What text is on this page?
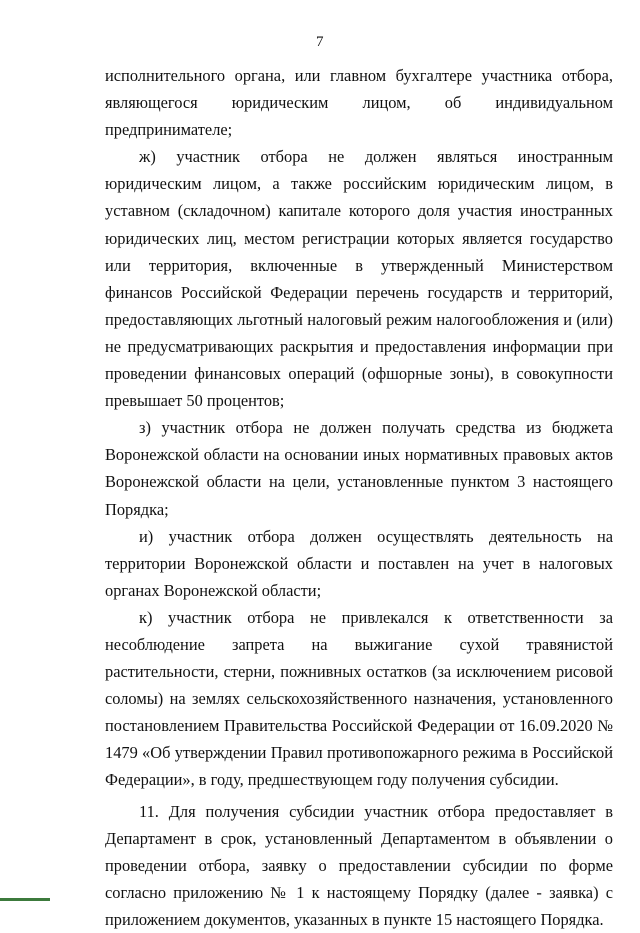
7

исполнительного органа, или главном бухгалтере участника отбора, являющегося юридическим лицом, об индивидуальном предпринимателе;

ж) участник отбора не должен являться иностранным юридическим лицом, а также российским юридическим лицом, в уставном (складочном) капитале которого доля участия иностранных юридических лиц, местом регистрации которых является государство или территория, включенные в утвержденный Министерством финансов Российской Федерации перечень государств и территорий, предоставляющих льготный налоговый режим налогообложения и (или) не предусматривающих раскрытия и предоставления информации при проведении финансовых операций (офшорные зоны), в совокупности превышает 50 процентов;

з) участник отбора не должен получать средства из бюджета Воронежской области на основании иных нормативных правовых актов Воронежской области на цели, установленные пунктом 3 настоящего Порядка;

и) участник отбора должен осуществлять деятельность на территории Воронежской области и поставлен на учет в налоговых органах Воронежской области;

к) участник отбора не привлекался к ответственности за несоблюдение запрета на выжигание сухой травянистой растительности, стерни, пожнивных остатков (за исключением рисовой соломы) на землях сельскохозяйственного назначения, установленного постановлением Правительства Российской Федерации от 16.09.2020 № 1479 «Об утверждении Правил противопожарного режима в Российской Федерации», в году, предшествующем году получения субсидии.

11. Для получения субсидии участник отбора предоставляет в Департамент в срок, установленный Департаментом в объявлении о проведении отбора, заявку о предоставлении субсидии по форме согласно приложению № 1 к настоящему Порядку (далее - заявка) с приложением документов, указанных в пункте 15 настоящего Порядка.
